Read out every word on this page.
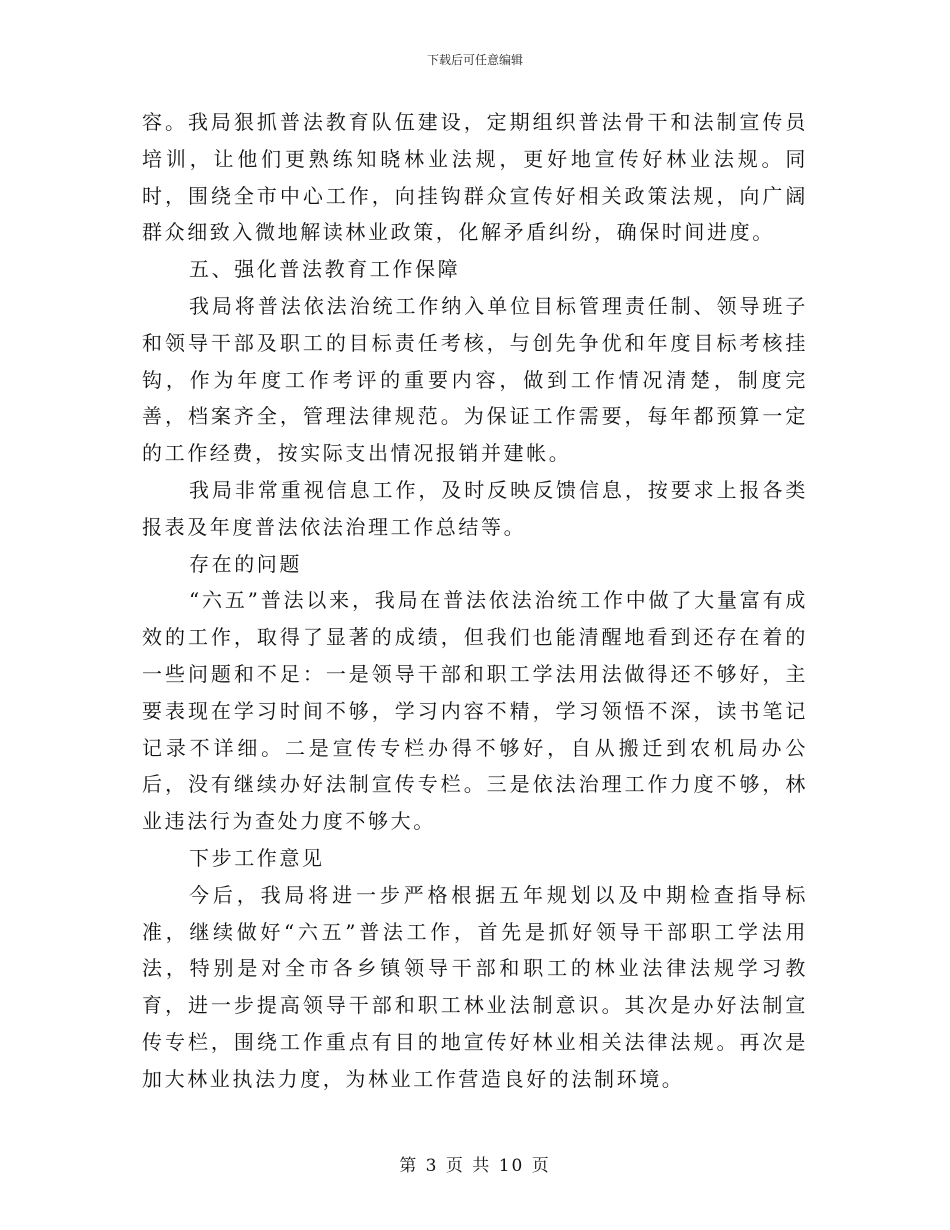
下载后可任意编辑

容。我局狠抓普法教育队伍建设，定期组织普法骨干和法制宣传员培训，让他们更熟练知晓林业法规，更好地宣传好林业法规。同时，围绕全市中心工作，向挂钩群众宣传好相关政策法规，向广阔群众细致入微地解读林业政策，化解矛盾纠纷，确保时间进度。

五、强化普法教育工作保障

我局将普法依法治统工作纳入单位目标管理责任制、领导班子和领导干部及职工的目标责任考核，与创先争优和年度目标考核挂钩，作为年度工作考评的重要内容，做到工作情况清楚，制度完善，档案齐全，管理法律规范。为保证工作需要，每年都预算一定的工作经费，按实际支出情况报销并建帐。

我局非常重视信息工作，及时反映反馈信息，按要求上报各类报表及年度普法依法治理工作总结等。

存在的问题

“六五”普法以来，我局在普法依法治统工作中做了大量富有成效的工作，取得了显著的成绩，但我们也能清醒地看到还存在着的一些问题和不足：一是领导干部和职工学法用法做得还不够好，主要表现在学习时间不够，学习内容不精，学习领悟不深，读书笔记记录不详细。二是宣传专栏办得不够好，自从搬迁到农机局办公后，没有继续办好法制宣传专栏。三是依法治理工作力度不够，林业违法行为查处力度不够大。

下步工作意见

今后，我局将进一步严格根据五年规划以及中期检查指导标准，继续做好“六五”普法工作，首先是抓好领导干部职工学法用法，特别是对全市各乡镇领导干部和职工的林业法律法规学习教育，进一步提高领导干部和职工林业法制意识。其次是办好法制宣传专栏，围绕工作重点有目的地宣传好林业相关法律法规。再次是加大林业执法力度，为林业工作营造良好的法制环境。

第 3 页 共 10 页
